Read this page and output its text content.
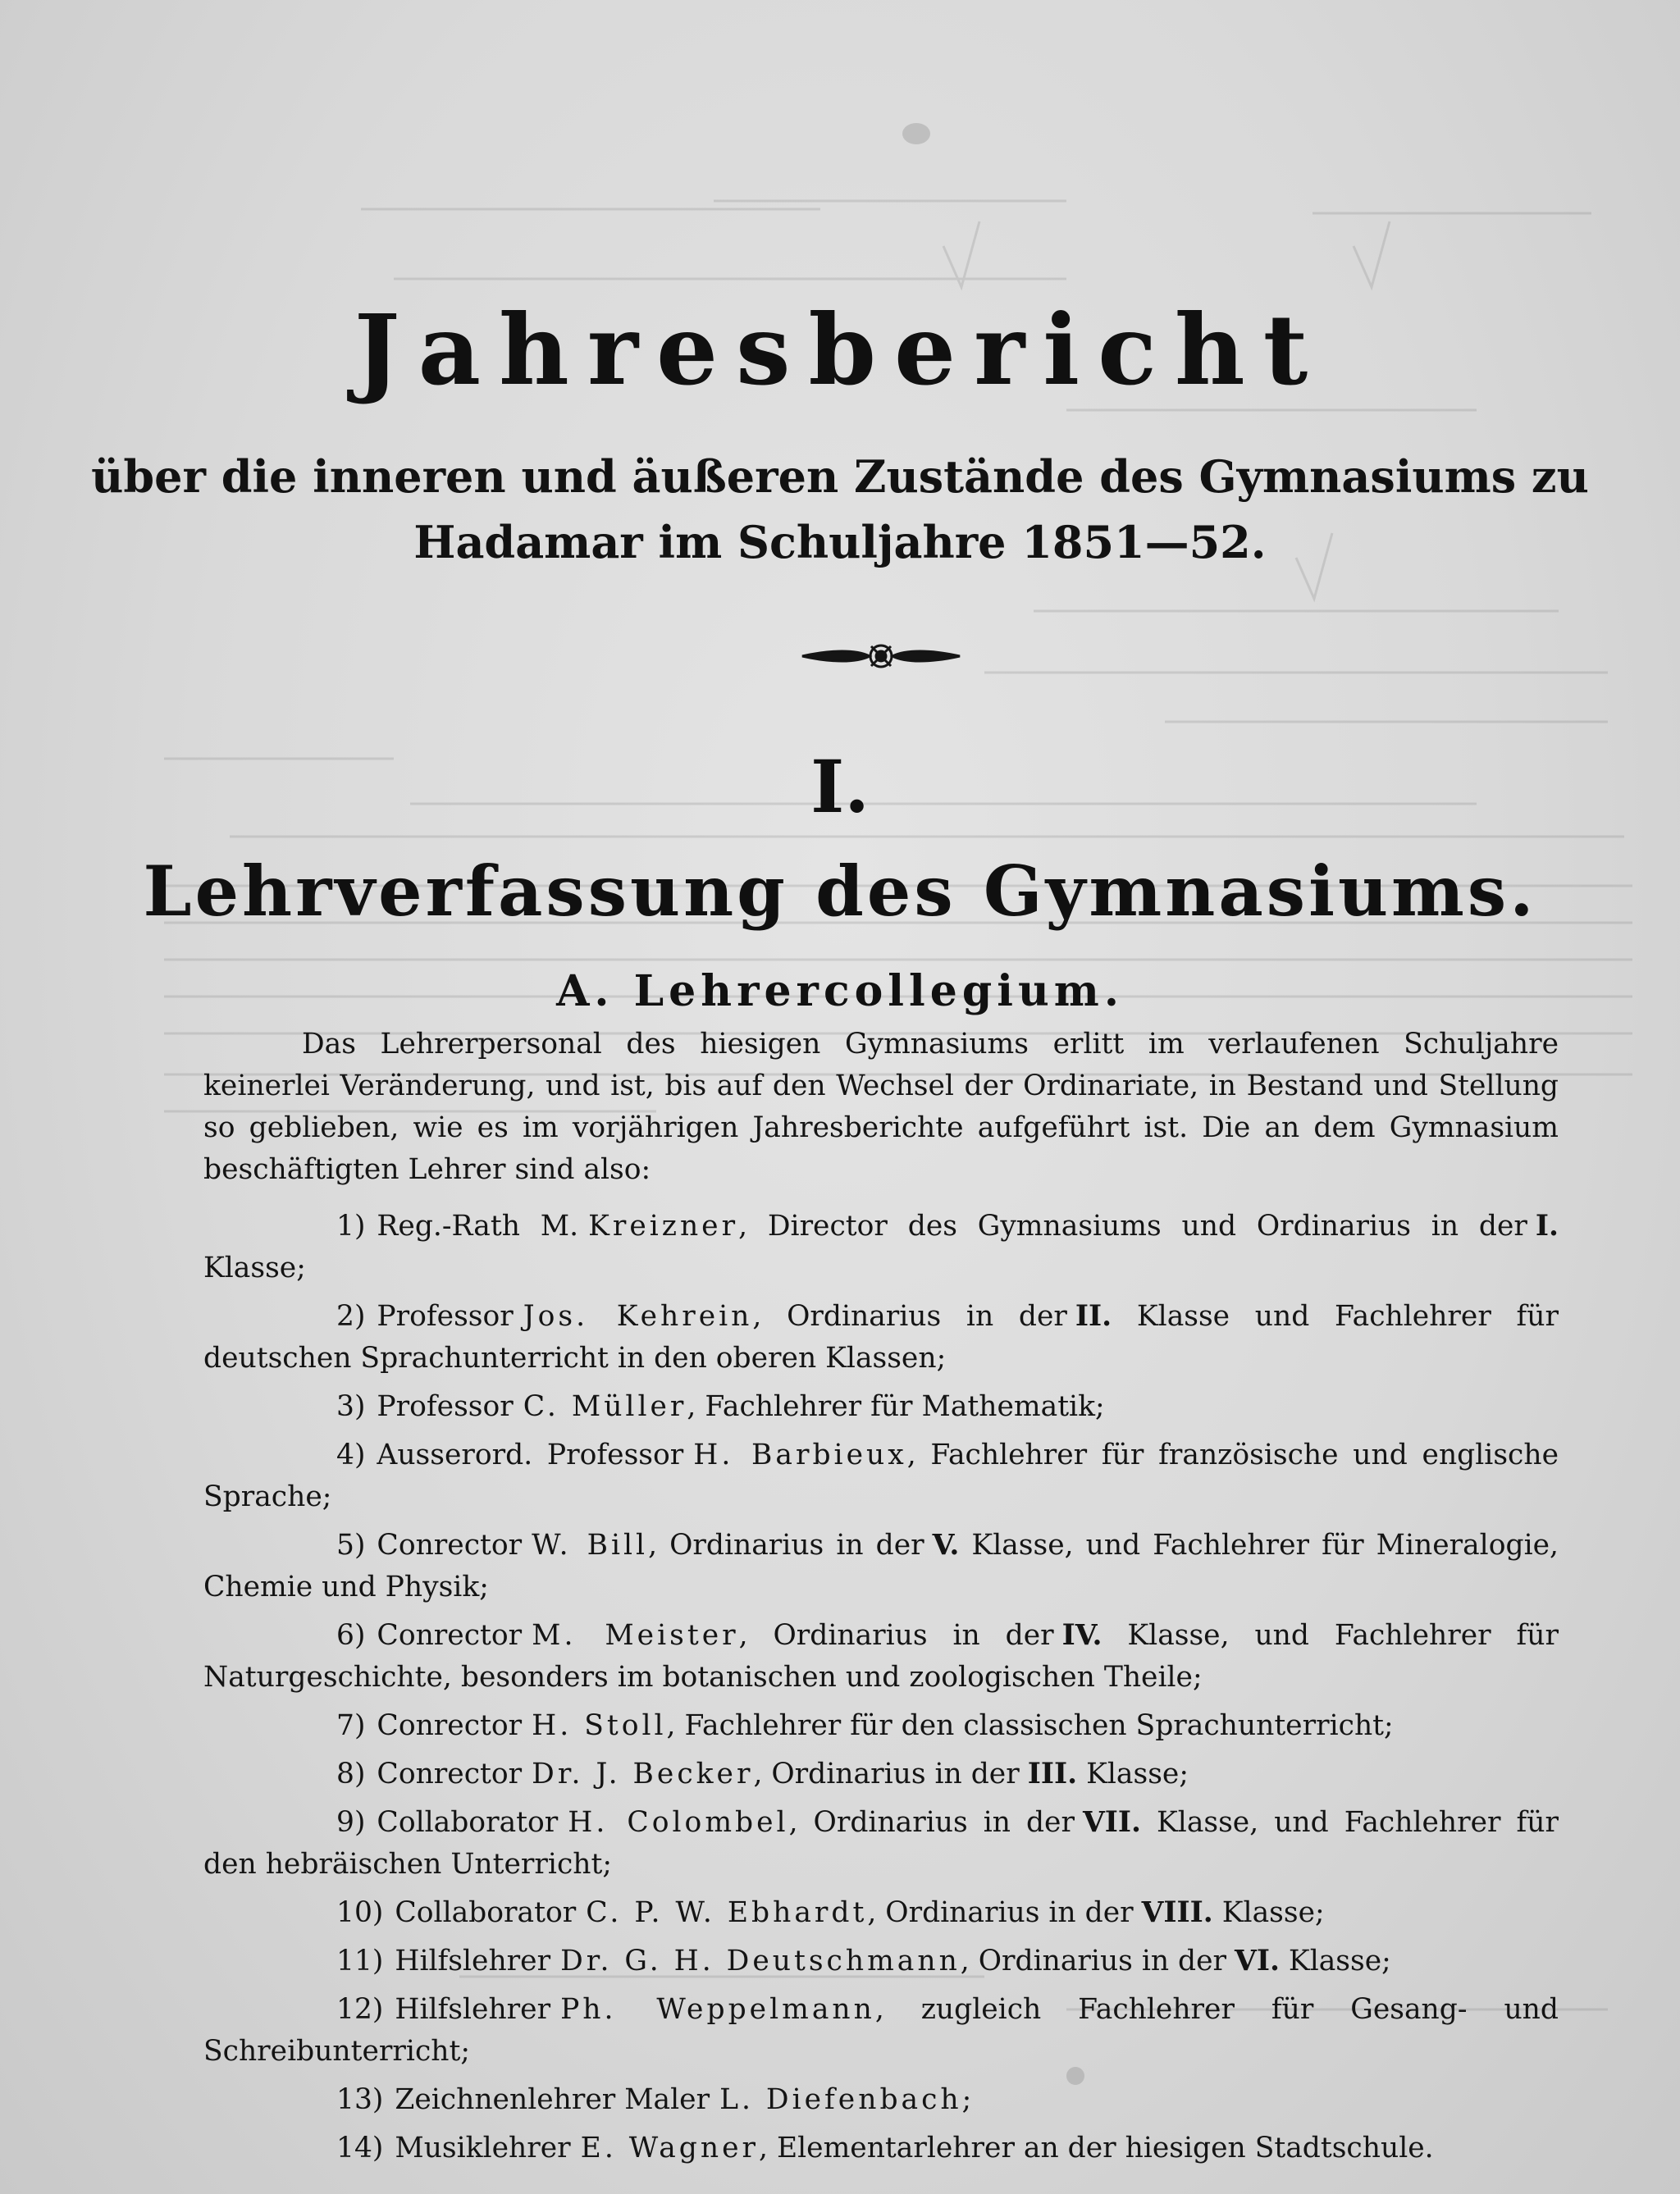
Jahresbericht
über die inneren und äußeren Zustände des Gymnasiums zu
Hadamar im Schuljahre 1851—52.
I.
Lehrverfassung des Gymnasiums.
A. Lehrercollegium.

Das Lehrerpersonal des hiesigen Gymnasiums erlitt im verlaufenen Schuljahre keinerlei Veränderung, und ist, bis auf den Wechsel der Ordinariate, in Bestand und Stellung so geblieben, wie es im vorjährigen Jahresberichte aufgeführt ist. Die an dem Gymnasium beschäftigten Lehrer sind also:

1) Reg.-Rath M. Kreizner, Director des Gymnasiums und Ordinarius in der I. Klasse;
2) Professor Jos. Kehrein, Ordinarius in der II. Klasse und Fachlehrer für deutschen Sprachunterricht in den oberen Klassen;
3) Professor C. Müller, Fachlehrer für Mathematik;
4) Ausserord. Professor H. Barbieux, Fachlehrer für französische und englische Sprache;
5) Conrector W. Bill, Ordinarius in der V. Klasse, und Fachlehrer für Mineralogie, Chemie und Physik;
6) Conrector M. Meister, Ordinarius in der IV. Klasse, und Fachlehrer für Naturgeschichte, besonders im botanischen und zoologischen Theile;
7) Conrector H. Stoll, Fachlehrer für den classischen Sprachunterricht;
8) Conrector Dr. J. Becker, Ordinarius in der III. Klasse;
9) Collaborator H. Colombel, Ordinarius in der VII. Klasse, und Fachlehrer für den hebräischen Unterricht;
10) Collaborator C. P. W. Ebhardt, Ordinarius in der VIII. Klasse;
11) Hilfslehrer Dr. G. H. Deutschmann, Ordinarius in der VI. Klasse;
12) Hilfslehrer Ph. Weppelmann, zugleich Fachlehrer für Gesang- und Schreibunterricht;
13) Zeichnenlehrer Maler L. Diefenbach;
14) Musiklehrer E. Wagner, Elementarlehrer an der hiesigen Stadtschule.
